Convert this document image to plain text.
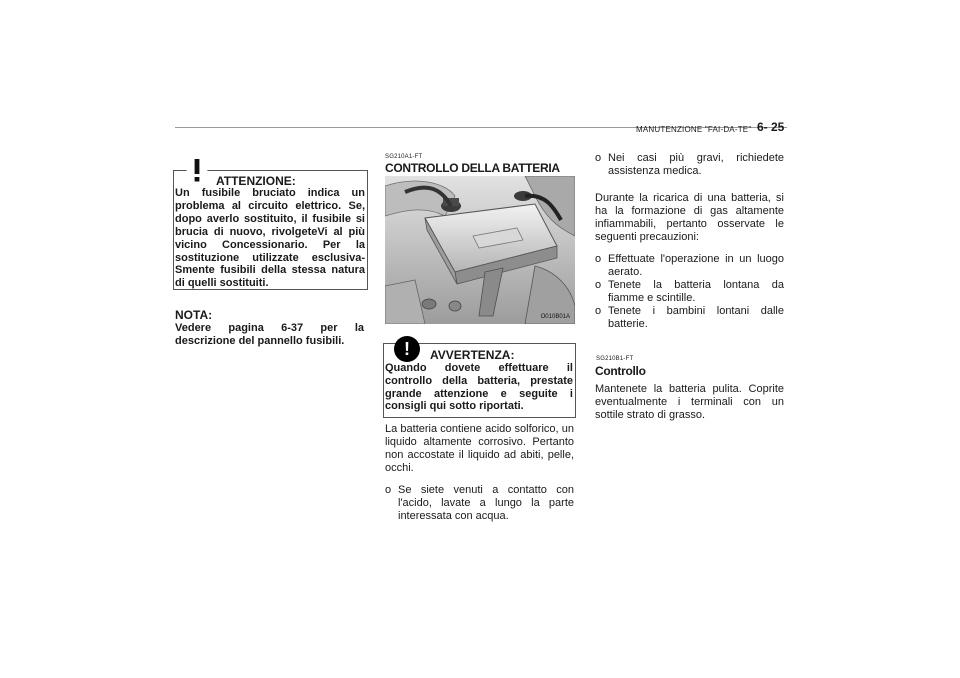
MANUTENZIONE "FAI-DA-TE" 6- 25
ATTENZIONE:
Un fusibile bruciato indica un problema al circuito elettrico. Se, dopo averlo sostituito, il fusibile si brucia di nuovo, rivolgeteVi al più vicino Concessionario. Per la sostituzione utilizzate esclusiva-Smente fusibili della stessa natura di quelli sostituiti.
NOTA:
Vedere pagina 6-37 per la descrizione del pannello fusibili.
SG210A1-FT
CONTROLLO DELLA BATTERIA
O010B01A
!	AVVERTENZA:
Quando dovete effettuare il controllo della batteria, prestate grande attenzione e seguite i consigli qui sotto riportati.
La batteria contiene acido solforico, un liquido altamente corrosivo. Pertanto non accostate il liquido ad abiti, pelle, occhi.
o Se siete venuti a contatto con l'acido, lavate a lungo la parte interessata con acqua.
o Nei casi più gravi, richiedete assistenza medica.
Durante la ricarica di una batteria, si ha la formazione di gas altamente infiammabili, pertanto osservate le seguenti precauzioni:
o Effettuate l'operazione in un luogo aerato.
o Tenete la batteria lontana da fiamme e scintille.
o Tenete i bambini lontani dalle batterie.
SG210B1-FT
Controllo
Mantenete la batteria pulita. Coprite eventualmente i terminali con un sottile strato di grasso.
